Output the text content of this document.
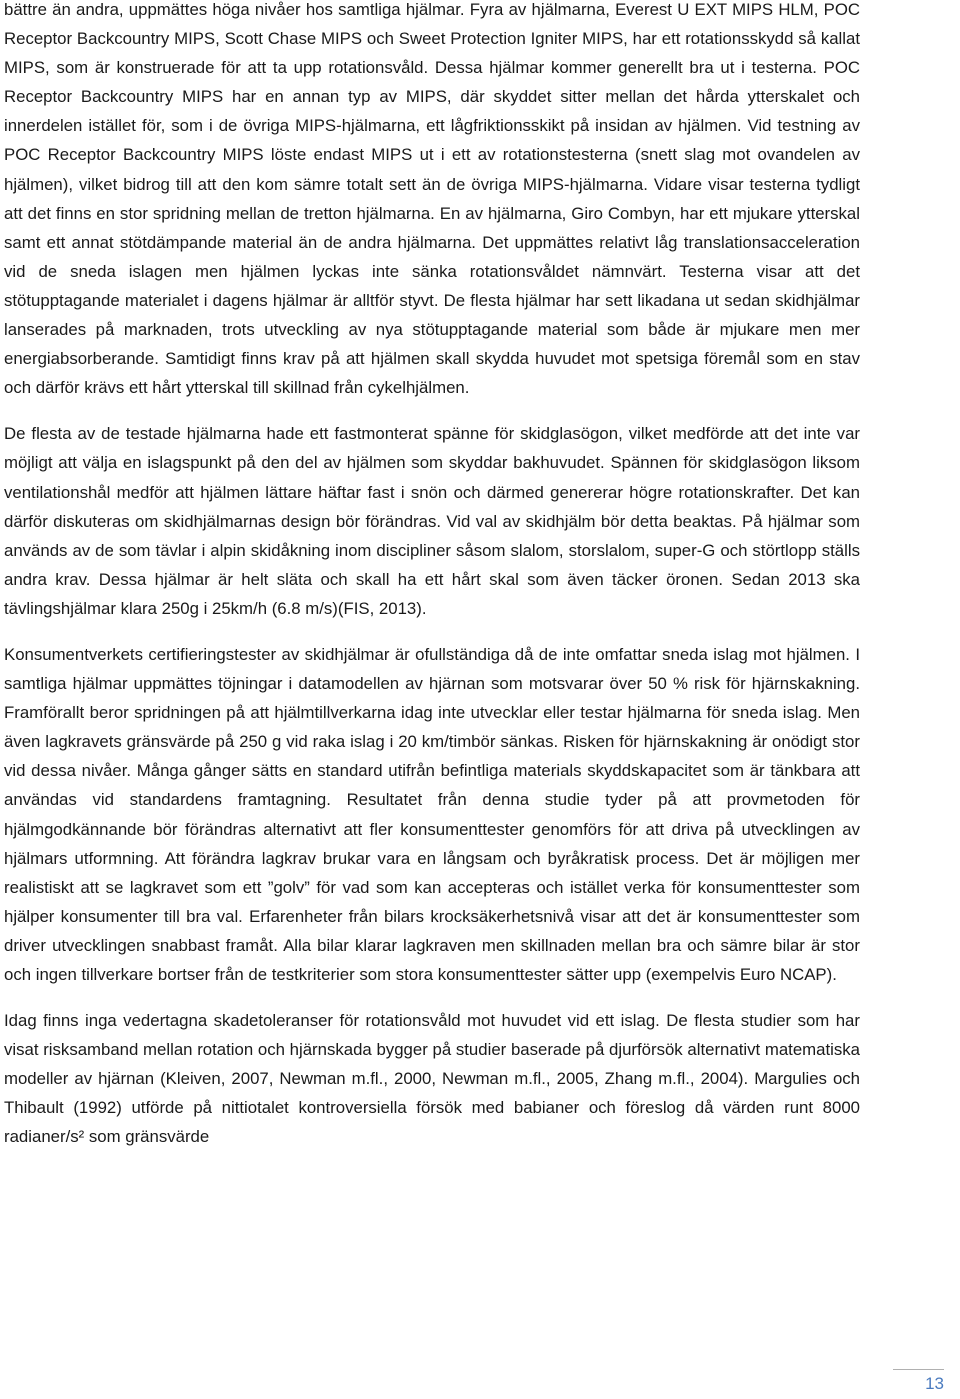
bättre än andra, uppmättes höga nivåer hos samtliga hjälmar. Fyra av hjälmarna, Everest U EXT MIPS HLM, POC Receptor Backcountry MIPS, Scott Chase MIPS och Sweet Protection Igniter MIPS, har ett rotationsskydd så kallat MIPS, som är konstruerade för att ta upp rotationsvåld. Dessa hjälmar kommer generellt bra ut i testerna. POC Receptor Backcountry MIPS har en annan typ av MIPS, där skyddet sitter mellan det hårda ytterskalet och innerdelen istället för, som i de övriga MIPS-hjälmarna, ett lågfriktionsskikt på insidan av hjälmen. Vid testning av POC Receptor Backcountry MIPS löste endast MIPS ut i ett av rotationstesterna (snett slag mot ovandelen av hjälmen), vilket bidrog till att den kom sämre totalt sett än de övriga MIPS-hjälmarna. Vidare visar testerna tydligt att det finns en stor spridning mellan de tretton hjälmarna. En av hjälmarna, Giro Combyn, har ett mjukare ytterskal samt ett annat stötdämpande material än de andra hjälmarna. Det uppmättes relativt låg translationsacceleration vid de sneda islagen men hjälmen lyckas inte sänka rotationsvåldet nämnvärt. Testerna visar att det stötupptagande materialet i dagens hjälmar är alltför styvt. De flesta hjälmar har sett likadana ut sedan skidhjälmar lanserades på marknaden, trots utveckling av nya stötupptagande material som både är mjukare men mer energiabsorberande. Samtidigt finns krav på att hjälmen skall skydda huvudet mot spetsiga föremål som en stav och därför krävs ett hårt ytterskal till skillnad från cykelhjälmen.

De flesta av de testade hjälmarna hade ett fastmonterat spänne för skidglasögon, vilket medförde att det inte var möjligt att välja en islagspunkt på den del av hjälmen som skyddar bakhuvudet. Spännen för skidglasögon liksom ventilationshål medför att hjälmen lättare häftar fast i snön och därmed genererar högre rotationskrafter. Det kan därför diskuteras om skidhjälmarnas design bör förändras. Vid val av skidhjälm bör detta beaktas. På hjälmar som används av de som tävlar i alpin skidåkning inom discipliner såsom slalom, storslalom, super-G och störtlopp ställs andra krav. Dessa hjälmar är helt släta och skall ha ett hårt skal som även täcker öronen. Sedan 2013 ska tävlingshjälmar klara 250g i 25km/h (6.8 m/s)(FIS, 2013).

Konsumentverkets certifieringstester av skidhjälmar är ofullständiga då de inte omfattar sneda islag mot hjälmen. I samtliga hjälmar uppmättes töjningar i datamodellen av hjärnan som motsvarar över 50 % risk för hjärnskakning. Framförallt beror spridningen på att hjälmtillverkarna idag inte utvecklar eller testar hjälmarna för sneda islag. Men även lagkravets gränsvärde på 250 g vid raka islag i 20 km/timbör sänkas. Risken för hjärnskakning är onödigt stor vid dessa nivåer. Många gånger sätts en standard utifrån befintliga materials skyddskapacitet som är tänkbara att användas vid standardens framtagning. Resultatet från denna studie tyder på att provmetoden för hjälmgodkännande bör förändras alternativt att fler konsumenttester genomförs för att driva på utvecklingen av hjälmars utformning. Att förändra lagkrav brukar vara en långsam och byråkratisk process. Det är möjligen mer realistiskt att se lagkravet som ett ”golv” för vad som kan accepteras och istället verka för konsumenttester som hjälper konsumenter till bra val. Erfarenheter från bilars krocksäkerhetsnivå visar att det är konsumenttester som driver utvecklingen snabbast framåt. Alla bilar klarar lagkraven men skillnaden mellan bra och sämre bilar är stor och ingen tillverkare bortser från de testkriterier som stora konsumenttester sätter upp (exempelvis Euro NCAP).

Idag finns inga vedertagna skadetoleranser för rotationsvåld mot huvudet vid ett islag. De flesta studier som har visat risksamband mellan rotation och hjärnskada bygger på studier baserade på djurförsök alternativt matematiska modeller av hjärnan (Kleiven, 2007, Newman m.fl., 2000, Newman m.fl., 2005, Zhang m.fl., 2004). Margulies och Thibault (1992) utförde på nittiotalet kontroversiella försök med babianer och föreslog då värden runt 8000 radianer/s² som gränsvärde

13
